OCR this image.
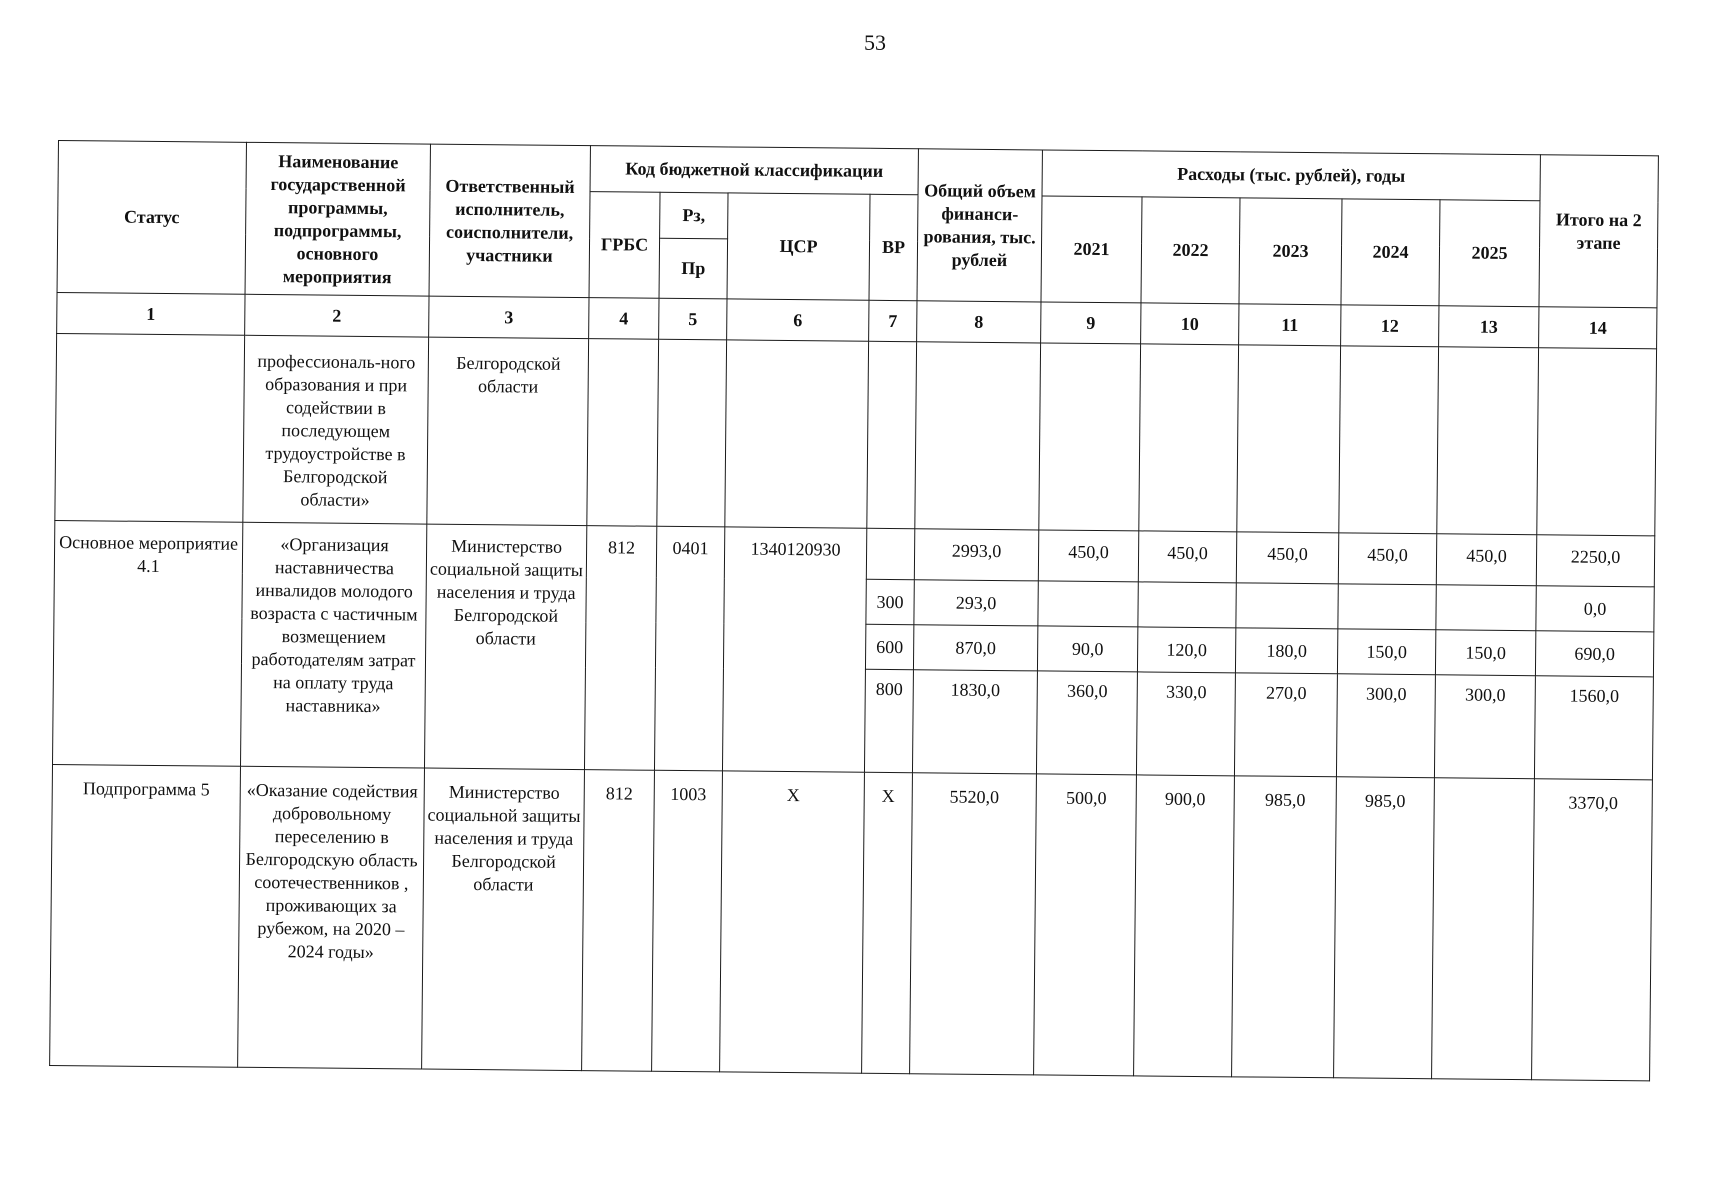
53
Статус	Наименование государственной программы, подпрограммы, основного мероприятия	Ответственный исполнитель, соисполнители, участники	Код бюджетной классификации				Общий объем финанси-рования, тыс. рублей	Расходы (тыс. рублей), годы					Итого на 2 этапе
			ГРБС	Рз,	ЦСР	ВР		2021	2022	2023	2024	2025	
				Пр									
1	2	3	4	5	6	7	8	9	10	11	12	13	14
	профессиональ-ного образования и при содействии в последующем трудоустройстве в Белгородской области»	Белгородской области											
Основное мероприятие 4.1	«Организация наставничества инвалидов молодого возраста с частичным возмещением работодателям затрат на оплату труда наставника»	Министерство социальной защиты населения и труда Белгородской области	812	0401	1340120930		2993,0	450,0	450,0	450,0	450,0	450,0	2250,0
						300	293,0						0,0
						600	870,0	90,0	120,0	180,0	150,0	150,0	690,0
						800	1830,0	360,0	330,0	270,0	300,0	300,0	1560,0
Подпрограмма 5	«Оказание содействия добровольному переселению в Белгородскую область соотечественников , проживающих за рубежом, на 2020 – 2024 годы»	Министерство социальной защиты населения и труда Белгородской области	812	1003	Х	Х	5520,0	500,0	900,0	985,0	985,0		3370,0
